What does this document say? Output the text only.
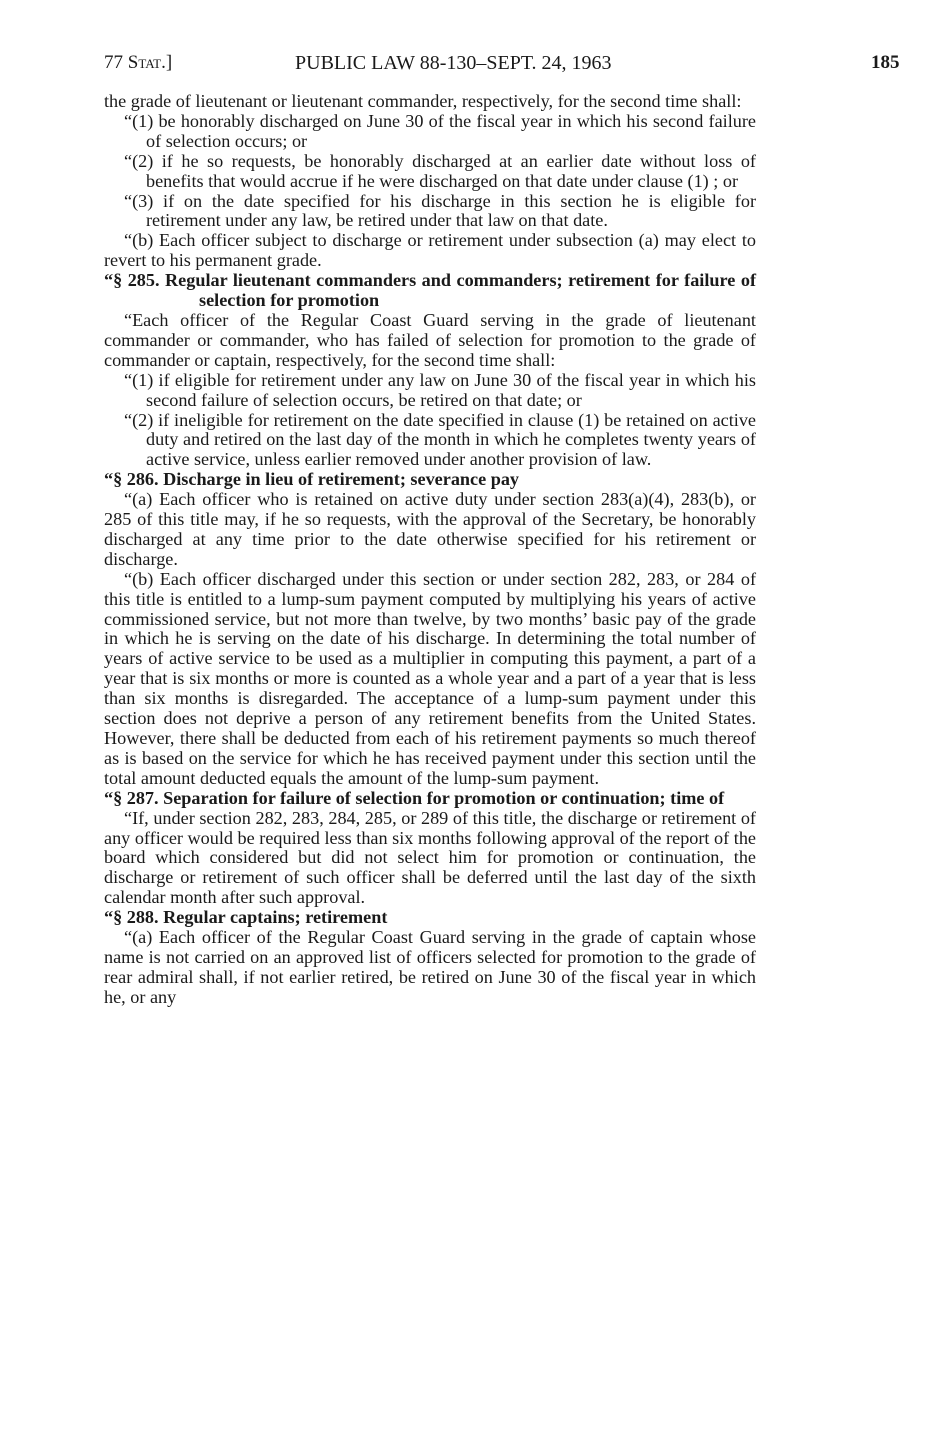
77 Stat.]	PUBLIC LAW 88-130–SEPT. 24, 1963	185

the grade of lieutenant or lieutenant commander, respectively, for the second time shall:

“(1) be honorably discharged on June 30 of the fiscal year in which his second failure of selection occurs; or

“(2) if he so requests, be honorably discharged at an earlier date without loss of benefits that would accrue if he were discharged on that date under clause (1) ; or

“(3) if on the date specified for his discharge in this section he is eligible for retirement under any law, be retired under that law on that date.

“(b) Each officer subject to discharge or retirement under subsection (a) may elect to revert to his permanent grade.

“§ 285. Regular lieutenant commanders and commanders; retirement for failure of selection for promotion

“Each officer of the Regular Coast Guard serving in the grade of lieutenant commander or commander, who has failed of selection for promotion to the grade of commander or captain, respectively, for the second time shall:

“(1) if eligible for retirement under any law on June 30 of the fiscal year in which his second failure of selection occurs, be retired on that date; or

“(2) if ineligible for retirement on the date specified in clause (1) be retained on active duty and retired on the last day of the month in which he completes twenty years of active service, unless earlier removed under another provision of law.

“§ 286. Discharge in lieu of retirement; severance pay

“(a) Each officer who is retained on active duty under section 283(a)(4), 283(b), or 285 of this title may, if he so requests, with the approval of the Secretary, be honorably discharged at any time prior to the date otherwise specified for his retirement or discharge.

“(b) Each officer discharged under this section or under section 282, 283, or 284 of this title is entitled to a lump-sum payment computed by multiplying his years of active commissioned service, but not more than twelve, by two months’ basic pay of the grade in which he is serving on the date of his discharge. In determining the total number of years of active service to be used as a multiplier in computing this payment, a part of a year that is six months or more is counted as a whole year and a part of a year that is less than six months is disregarded. The acceptance of a lump-sum payment under this section does not deprive a person of any retirement benefits from the United States. However, there shall be deducted from each of his retirement payments so much thereof as is based on the service for which he has received payment under this section until the total amount deducted equals the amount of the lump-sum payment.

“§ 287. Separation for failure of selection for promotion or continuation; time of

“If, under section 282, 283, 284, 285, or 289 of this title, the discharge or retirement of any officer would be required less than six months following approval of the report of the board which considered but did not select him for promotion or continuation, the discharge or retirement of such officer shall be deferred until the last day of the sixth calendar month after such approval.

“§ 288. Regular captains; retirement

“(a) Each officer of the Regular Coast Guard serving in the grade of captain whose name is not carried on an approved list of officers selected for promotion to the grade of rear admiral shall, if not earlier retired, be retired on June 30 of the fiscal year in which he, or any
